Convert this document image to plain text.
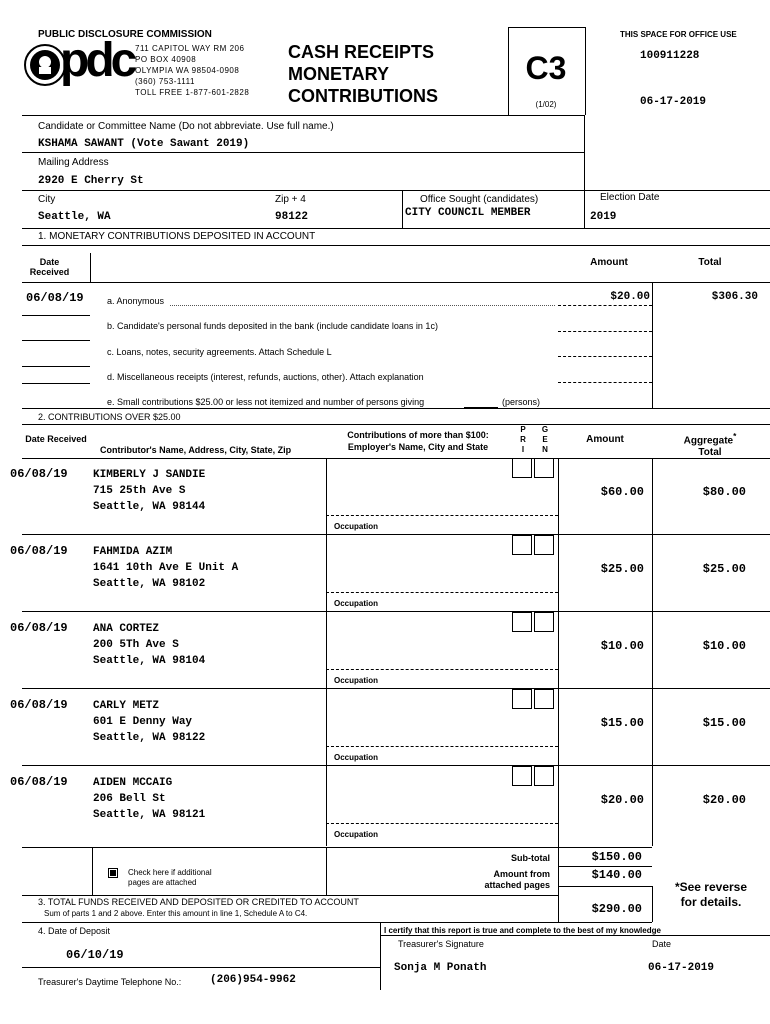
PUBLIC DISCLOSURE COMMISSION
pdc 711 CAPITOL WAY RM 206
PO BOX 40908
OLYMPIA WA 98504-0908
(360) 753-1111
TOLL FREE 1-877-601-2828
CASH RECEIPTS
MONETARY
CONTRIBUTIONS
C3
(1/02)
THIS SPACE FOR OFFICE USE
100911228
06-17-2019
Candidate or Committee Name (Do not abbreviate. Use full name.)
KSHAMA SAWANT (Vote Sawant 2019)
Mailing Address
2920 E Cherry St
City
Seattle, WA
Zip + 4
98122
Office Sought (candidates)
CITY COUNCIL MEMBER
Election Date
2019
1. MONETARY CONTRIBUTIONS DEPOSITED IN ACCOUNT
Date Received
Amount	Total
06/08/19	a. Anonymous	$20.00	$306.30
b. Candidate's personal funds deposited in the bank (include candidate loans in 1c)
c. Loans, notes, security agreements. Attach Schedule L
d. Miscellaneous receipts (interest, refunds, auctions, other). Attach explanation
e. Small contributions $25.00 or less not itemized and number of persons giving	(persons)
2. CONTRIBUTIONS OVER $25.00
Date Received
Contributor's Name, Address, City, State, Zip
Contributions of more than $100:
Employer's Name, City and State
P R I
G E N
Amount	Aggregate*
Total
06/08/19 KIMBERLY J SANDIE
715 25th Ave S
Seattle, WA 98144
Occupation
$60.00	$80.00
06/08/19 FAHMIDA AZIM
1641 10th Ave E Unit A
Seattle, WA 98102
Occupation
$25.00	$25.00
06/08/19 ANA CORTEZ
200 5Th Ave S
Seattle, WA 98104
Occupation
$10.00	$10.00
06/08/19 CARLY METZ
601 E Denny Way
Seattle, WA 98122
Occupation
$15.00	$15.00
06/08/19 AIDEN MCCAIG
206 Bell St
Seattle, WA 98121
Occupation
$20.00	$20.00
Check here if additional
pages are attached
Sub-total	$150.00
Amount from
attached pages
$140.00
*See reverse
for details.
3. TOTAL FUNDS RECEIVED AND DEPOSITED OR CREDITED TO ACCOUNT
Sum of parts 1 and 2 above. Enter this amount in line 1, Schedule A to C4.	$290.00
4. Date of Deposit
06/10/19
Treasurer's Daytime Telephone No.:	(206)954-9962
I certify that this report is true and complete to the best of my knowledge
Treasurer's Signature	Date
Sonja M Ponath	06-17-2019
